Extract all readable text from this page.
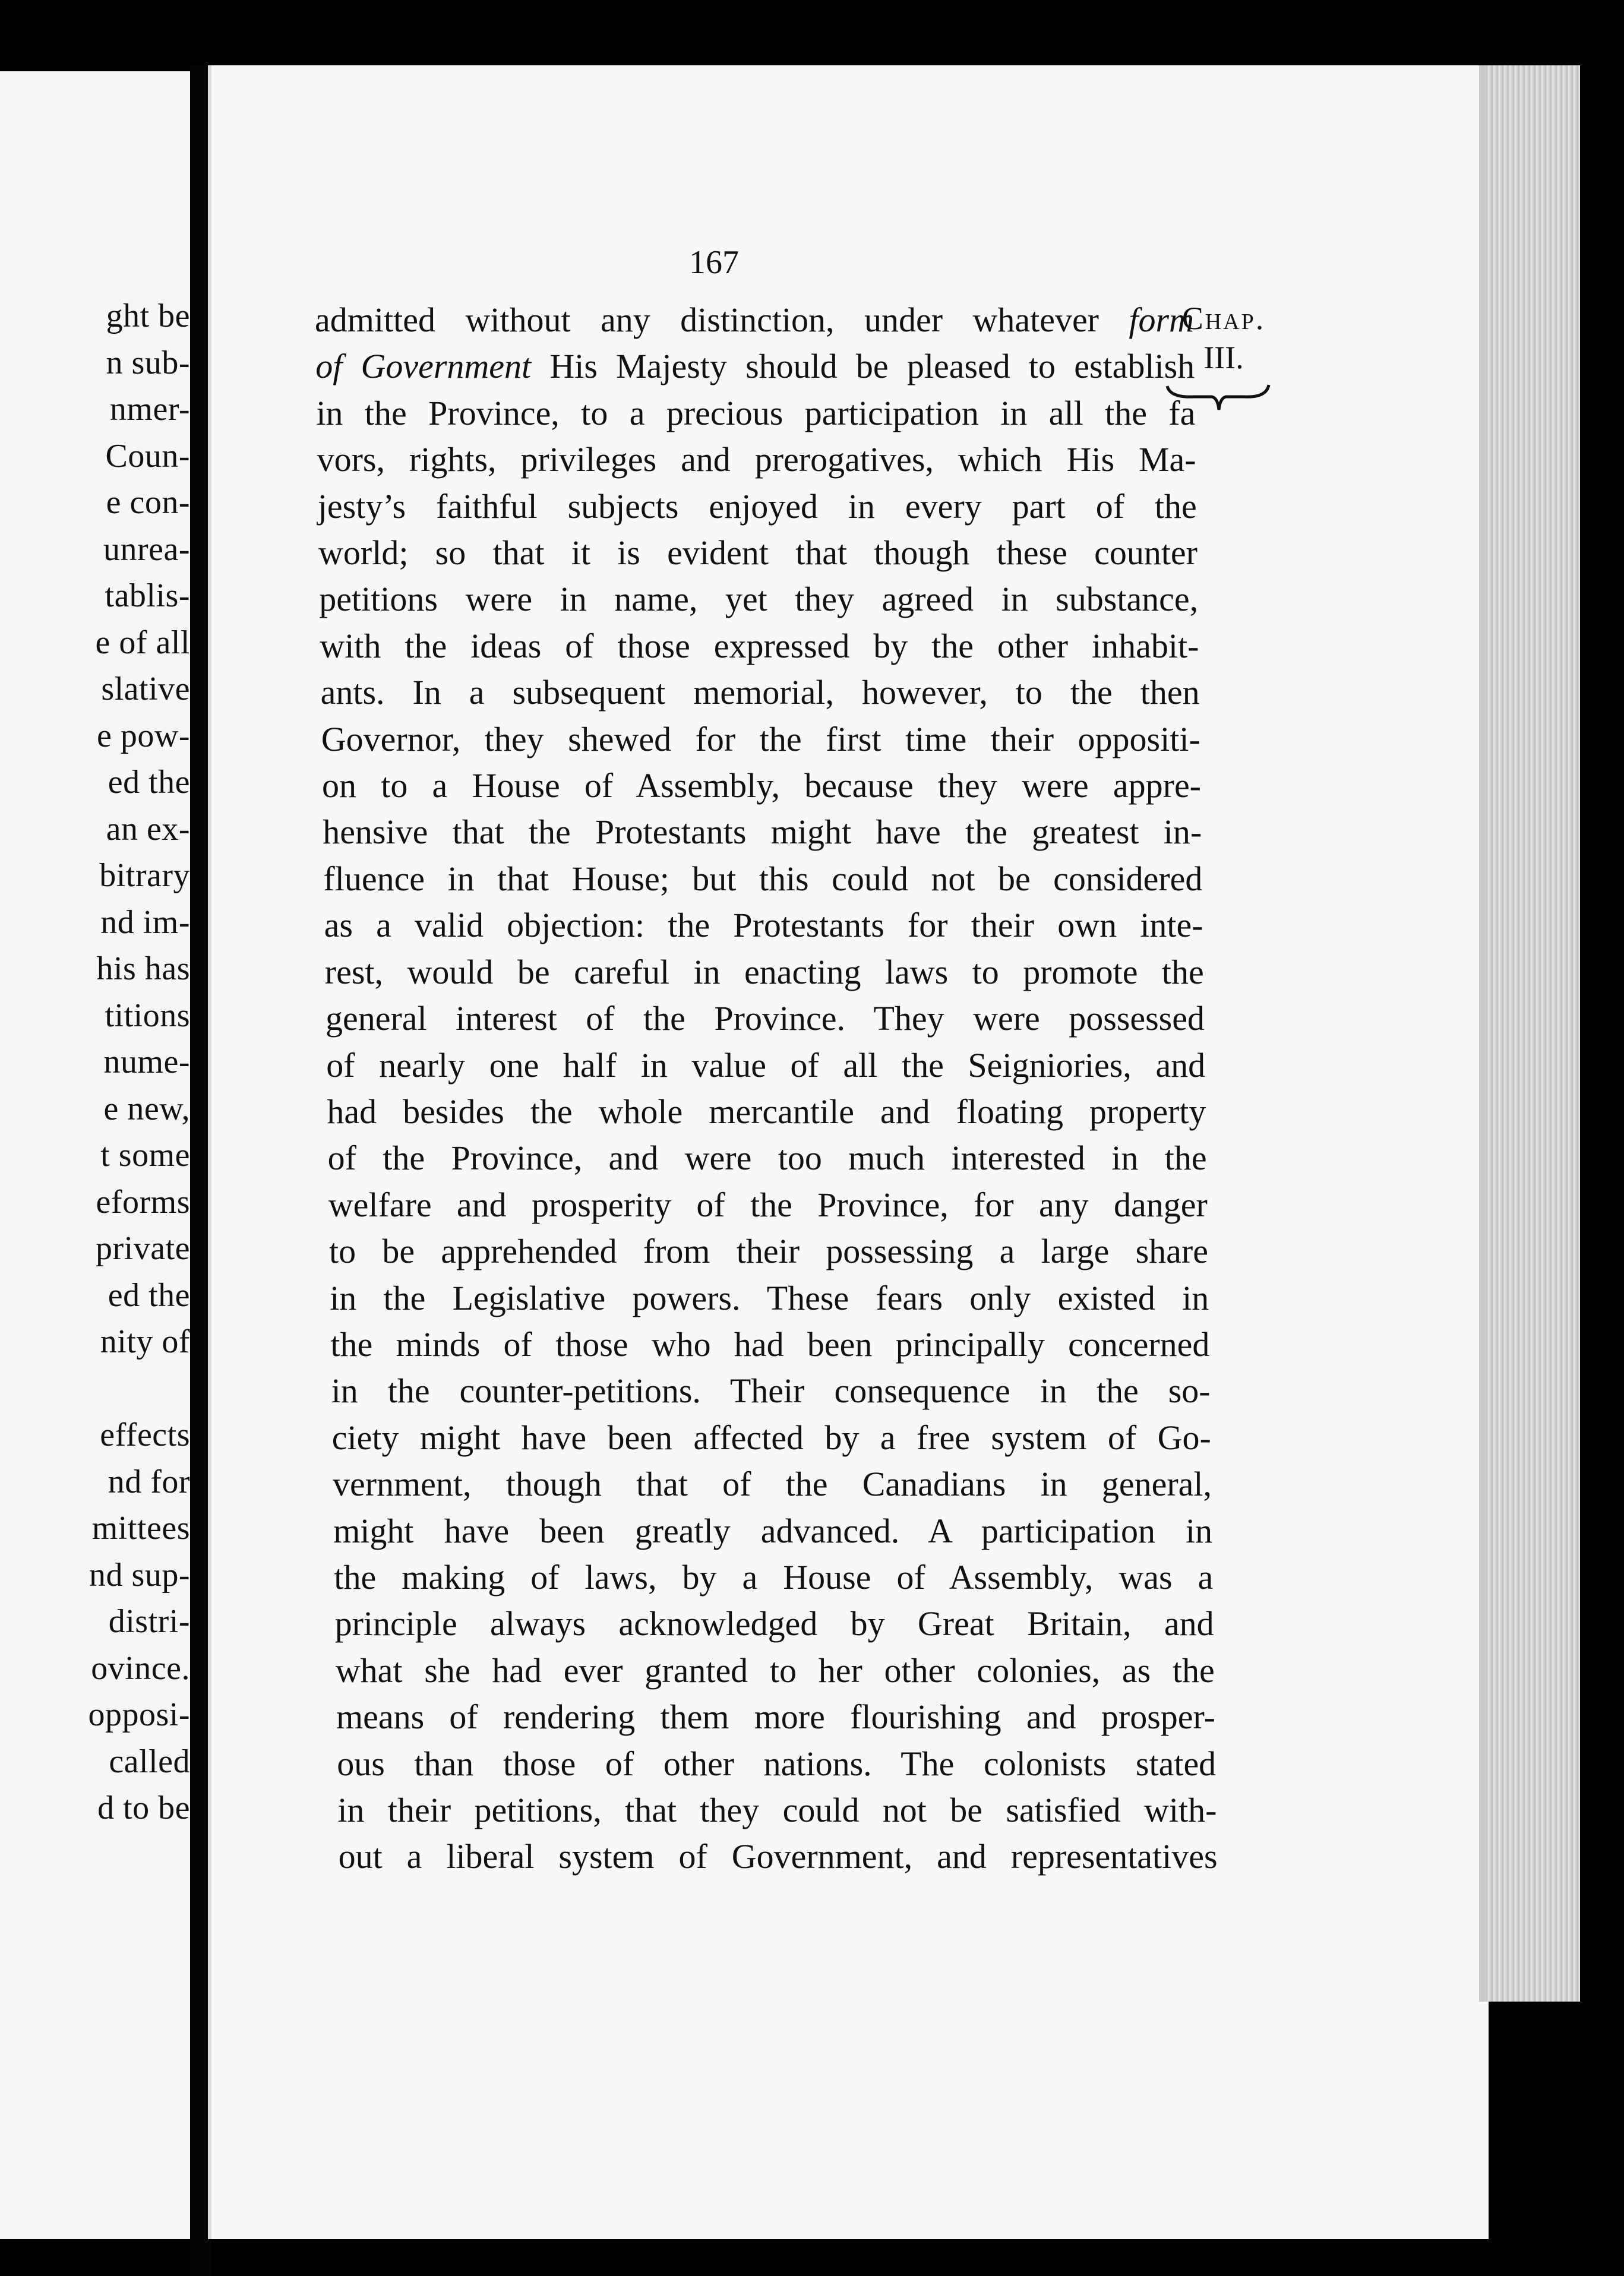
ght be
n sub-
nmer-
Coun-
e con-
unrea-
tablis-
e of all
slative
e pow-
ed the
an ex-
bitrary
nd im-
his has
titions
nume-
e new,
t some
eforms
private
ed the
nity of
effects
nd for
mittees
nd sup-
distri-
ovince.
opposi-
called
d to be
167
Chap.
III.
admitted without any distinction, under whatever form
of Government His Majesty should be pleased to establish
in the Province, to a precious participation in all the fa
vors, rights, privileges and prerogatives, which His Ma-
jesty’s faithful subjects enjoyed in every part of the
world; so that it is evident that though these counter
petitions were in name, yet they agreed in substance,
with the ideas of those expressed by the other inhabit-
ants. In a subsequent memorial, however, to the then
Governor, they shewed for the first time their oppositi-
on to a House of Assembly, because they were appre-
hensive that the Protestants might have the greatest in-
fluence in that House; but this could not be considered
as a valid objection: the Protestants for their own inte-
rest, would be careful in enacting laws to promote the
general interest of the Province. They were possessed
of nearly one half in value of all the Seigniories, and
had besides the whole mercantile and floating property
of the Province, and were too much interested in the
welfare and prosperity of the Province, for any danger
to be apprehended from their possessing a large share
in the Legislative powers. These fears only existed in
the minds of those who had been principally concerned
in the counter-petitions. Their consequence in the so-
ciety might have been affected by a free system of Go-
vernment, though that of the Canadians in general,
might have been greatly advanced. A participation in
the making of laws, by a House of Assembly, was a
principle always acknowledged by Great Britain, and
what she had ever granted to her other colonies, as the
means of rendering them more flourishing and prosper-
ous than those of other nations. The colonists stated
in their petitions, that they could not be satisfied with-
out a liberal system of Government, and representatives
